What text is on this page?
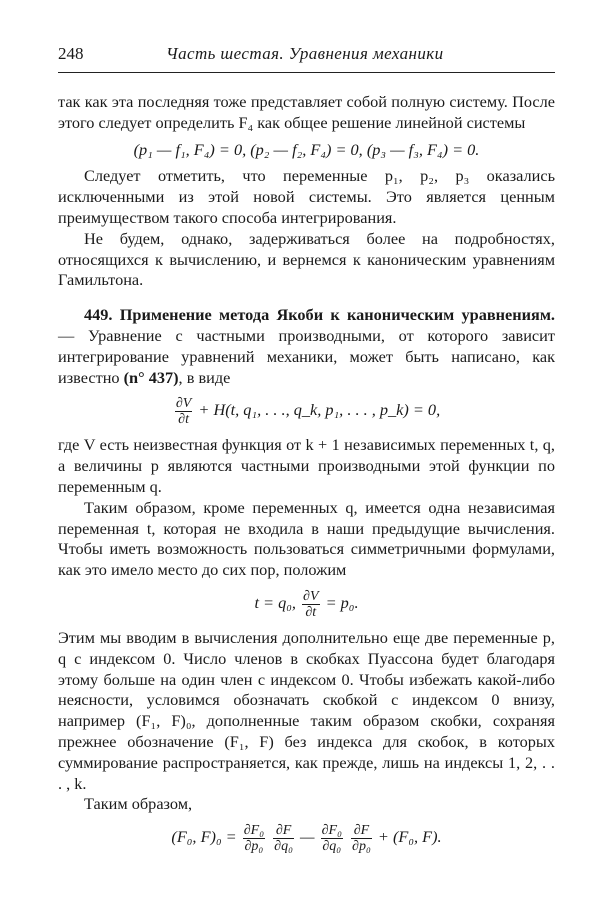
248	Часть шестая. Уравнения механики

так как эта последняя тоже представляет собой полную систему. После этого следует определить F₄ как общее решение линейной системы

(p₁ — f₁, F₄) = 0, (p₂ — f₂, F₄) = 0, (p₃ — f₃, F₄) = 0.

Следует отметить, что переменные p₁, p₂, p₃ оказались исключенными из этой новой системы. Это является ценным преимуществом такого способа интегрирования.

Не будем, однако, задерживаться более на подробностях, относящихся к вычислению, и вернемся к каноническим уравнениям Гамильтона.

449. Применение метода Якоби к каноническим уравнениям. — Уравнение с частными производными, от которого зависит интегрирование уравнений механики, может быть написано, как известно (n° 437), в виде

$\frac{\partial V}{\partial t} + H(t$, q₁, . . ., q_k, p₁, . . . , p_k) = 0,

где V есть неизвестная функция от k + 1 независимых переменных t, q, а величины p являются частными производными этой функции по переменным q.

Таким образом, кроме переменных q, имеется одна независимая переменная t, которая не входила в наши предыдущие вычисления. Чтобы иметь возможность пользоваться симметричными формулами, как это имело место до сих пор, положим

t = q₀, $\frac{\partial V}{\partial t} = p_0$.

Этим мы вводим в вычисления дополнительно еще две переменные p, q с индексом 0. Число членов в скобках Пуассона будет благодаря этому больше на один член с индексом 0. Чтобы избежать какой-либо неясности, условимся обозначать скобкой с индексом 0 внизу, например (F₁, F)₀, дополненные таким образом скобки, сохраняя прежнее обозначение (F₁, F) без индекса для скобок, в которых суммирование распространяется, как прежде, лишь на индексы 1, 2, . . . , k.

Таким образом,

(F₀, $F)_0 = \frac{\text{∂F₀}}{\text{∂p₀}}$
$\frac{\partial F}{\text{∂q₀}}$ — $\frac{\text{∂F₀}}{\text{∂q₀}}$
$\frac{\partial F}{\text{∂p₀}} + (F_0$, F).
